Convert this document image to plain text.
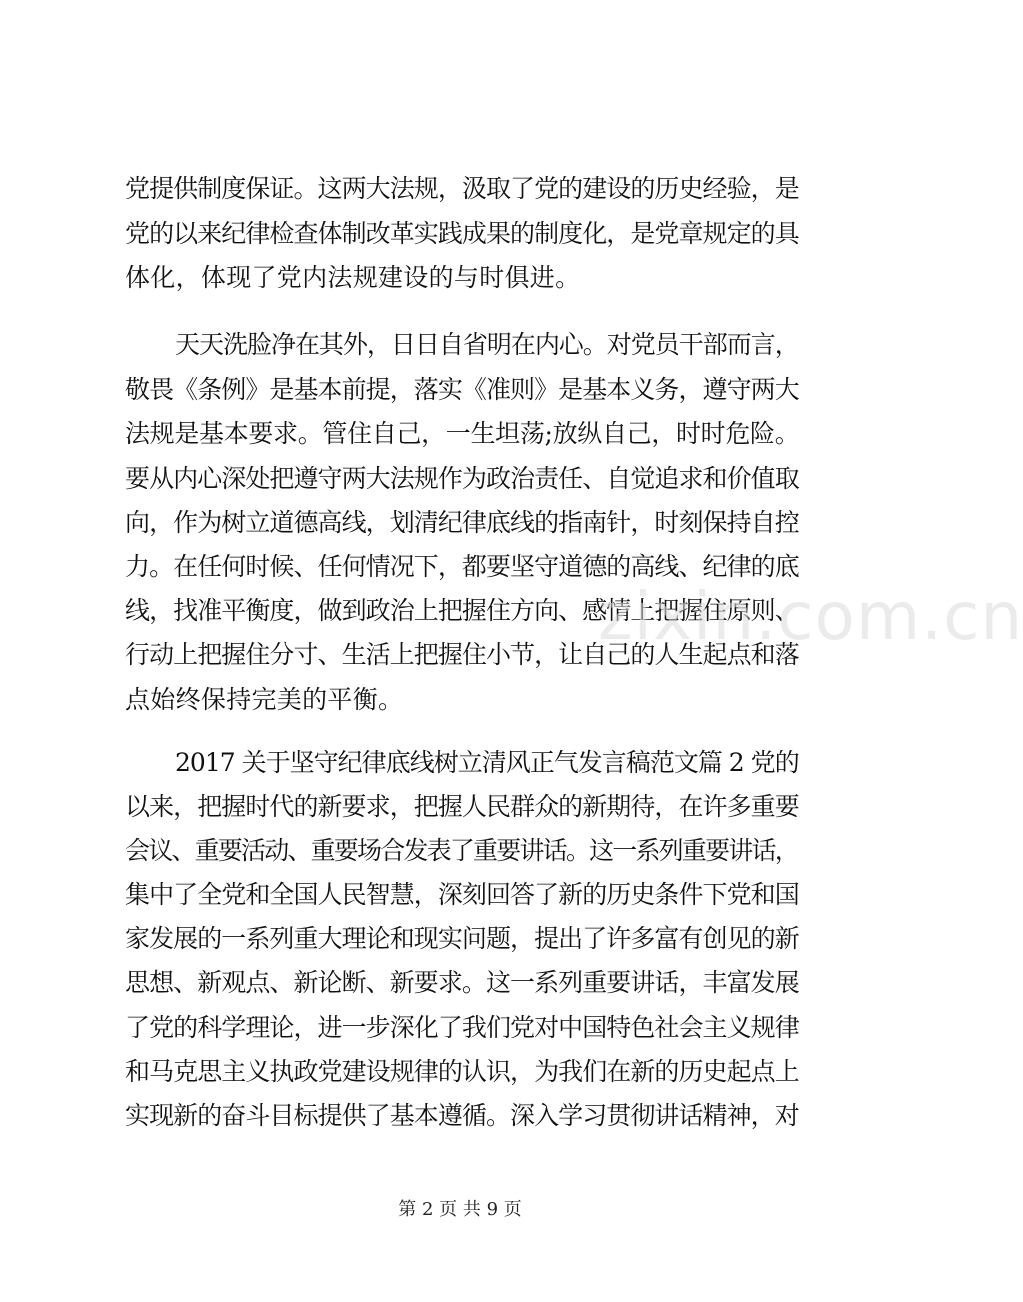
党提供制度保证。这两大法规，汲取了党的建设的历史经验，是
党的以来纪律检查体制改革实践成果的制度化，是党章规定的具
体化，体现了党内法规建设的与时俱进。
天天洗脸净在其外，日日自省明在内心。对党员干部而言，
敬畏《条例》是基本前提，落实《准则》是基本义务，遵守两大
法规是基本要求。管住自己，一生坦荡;放纵自己，时时危险。
要从内心深处把遵守两大法规作为政治责任、自觉追求和价值取
向，作为树立道德高线，划清纪律底线的指南针，时刻保持自控
力。在任何时候、任何情况下，都要坚守道德的高线、纪律的底
线，找准平衡度，做到政治上把握住方向、感情上把握住原则、
行动上把握住分寸、生活上把握住小节，让自己的人生起点和落
点始终保持完美的平衡。
2017 关于坚守纪律底线树立清风正气发言稿范文篇 2 党的
以来，把握时代的新要求，把握人民群众的新期待，在许多重要
会议、重要活动、重要场合发表了重要讲话。这一系列重要讲话，
集中了全党和全国人民智慧，深刻回答了新的历史条件下党和国
家发展的一系列重大理论和现实问题，提出了许多富有创见的新
思想、新观点、新论断、新要求。这一系列重要讲话，丰富发展
了党的科学理论，进一步深化了我们党对中国特色社会主义规律
和马克思主义执政党建设规律的认识，为我们在新的历史起点上
实现新的奋斗目标提供了基本遵循。深入学习贯彻讲话精神，对
zixin.com.cn
第 2 页 共 9 页
